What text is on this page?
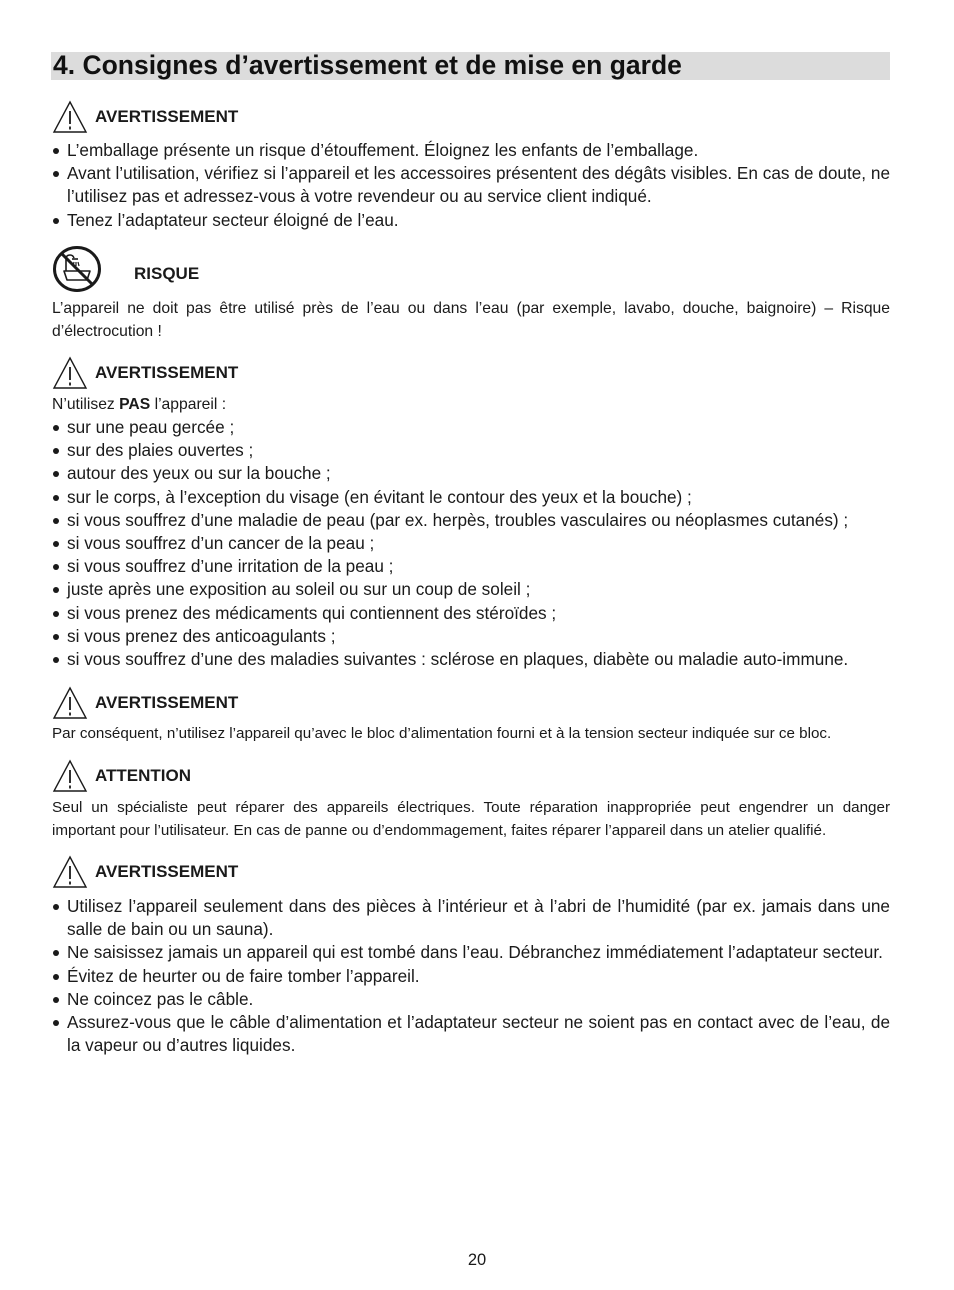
4. Consignes d’avertissement et de mise en garde
AVERTISSEMENT
L’emballage présente un risque d’étouffement. Éloignez les enfants de l’emballage.
Avant l’utilisation, vérifiez si l’appareil et les accessoires présentent des dégâts visibles. En cas de doute, ne l’utilisez pas et adressez-vous à votre revendeur ou au service client indiqué.
Tenez l’adaptateur secteur éloigné de l’eau.
RISQUE

L’appareil ne doit pas être utilisé près de l’eau ou dans l’eau (par exemple, lavabo, douche, baignoire) – Risque d’électrocution !

AVERTISSEMENT

N’utilisez PAS l’appareil :

sur une peau gercée ;
sur des plaies ouvertes ;
autour des yeux ou sur la bouche ;
sur le corps, à l’exception du visage (en évitant le contour des yeux et la bouche) ;
si vous souffrez d’une maladie de peau (par ex. herpès, troubles vasculaires ou néoplasmes cutanés) ;
si vous souffrez d’un cancer de la peau ;
si vous souffrez d’une irritation de la peau ;
juste après une exposition au soleil ou sur un coup de soleil ;
si vous prenez des médicaments qui contiennent des stéroïdes ;
si vous prenez des anticoagulants ;
si vous souffrez d’une des maladies suivantes : sclérose en plaques, diabète ou maladie auto-immune.
AVERTISSEMENT

Par conséquent, n’utilisez l’appareil qu’avec le bloc d’alimentation fourni et à la tension secteur indiquée sur ce bloc.

ATTENTION

Seul un spécialiste peut réparer des appareils électriques. Toute réparation inappropriée peut engendrer un danger important pour l’utilisateur. En cas de panne ou d’endommagement, faites réparer l’appareil dans un atelier qualifié.

AVERTISSEMENT
Utilisez l’appareil seulement dans des pièces à l’intérieur et à l’abri de l’humidité (par ex. jamais dans une salle de bain ou un sauna).
Ne saisissez jamais un appareil qui est tombé dans l’eau. Débranchez immédiatement l’adaptateur secteur.
Évitez de heurter ou de faire tomber l’appareil.
Ne coincez pas le câble.
Assurez-vous que le câble d’alimentation et l’adaptateur secteur ne soient pas en contact avec de l’eau, de la vapeur ou d’autres liquides.
20
